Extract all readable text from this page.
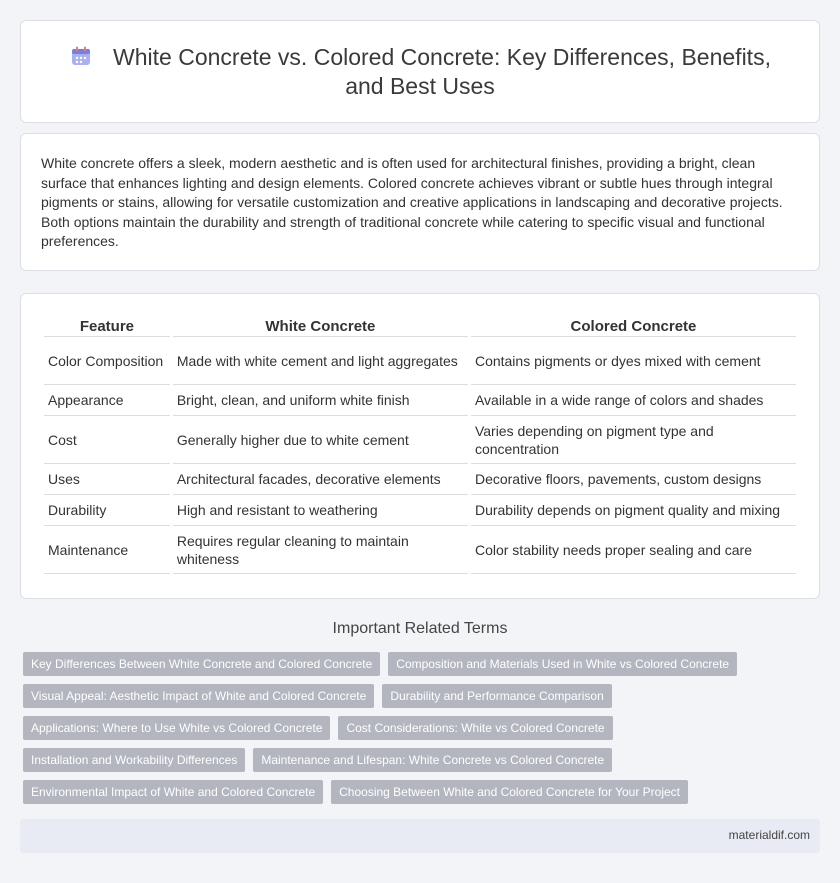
White Concrete vs. Colored Concrete: Key Differences, Benefits, and Best Uses

White concrete offers a sleek, modern aesthetic and is often used for architectural finishes, providing a bright, clean surface that enhances lighting and design elements. Colored concrete achieves vibrant or subtle hues through integral pigments or stains, allowing for versatile customization and creative applications in landscaping and decorative projects. Both options maintain the durability and strength of traditional concrete while catering to specific visual and functional preferences.

Feature	White Concrete	Colored Concrete
Color Composition	Made with white cement and light aggregates	Contains pigments or dyes mixed with cement
Appearance	Bright, clean, and uniform white finish	Available in a wide range of colors and shades
Cost	Generally higher due to white cement	Varies depending on pigment type and concentration
Uses	Architectural facades, decorative elements	Decorative floors, pavements, custom designs
Durability	High and resistant to weathering	Durability depends on pigment quality and mixing
Maintenance	Requires regular cleaning to maintain whiteness	Color stability needs proper sealing and care
Important Related Terms
Key Differences Between White Concrete and Colored Concrete	Composition and Materials Used in White vs Colored Concrete
Visual Appeal: Aesthetic Impact of White and Colored Concrete	Durability and Performance Comparison
Applications: Where to Use White vs Colored Concrete	Cost Considerations: White vs Colored Concrete
Installation and Workability Differences	Maintenance and Lifespan: White Concrete vs Colored Concrete
Environmental Impact of White and Colored Concrete	Choosing Between White and Colored Concrete for Your Project
materialdif.com
